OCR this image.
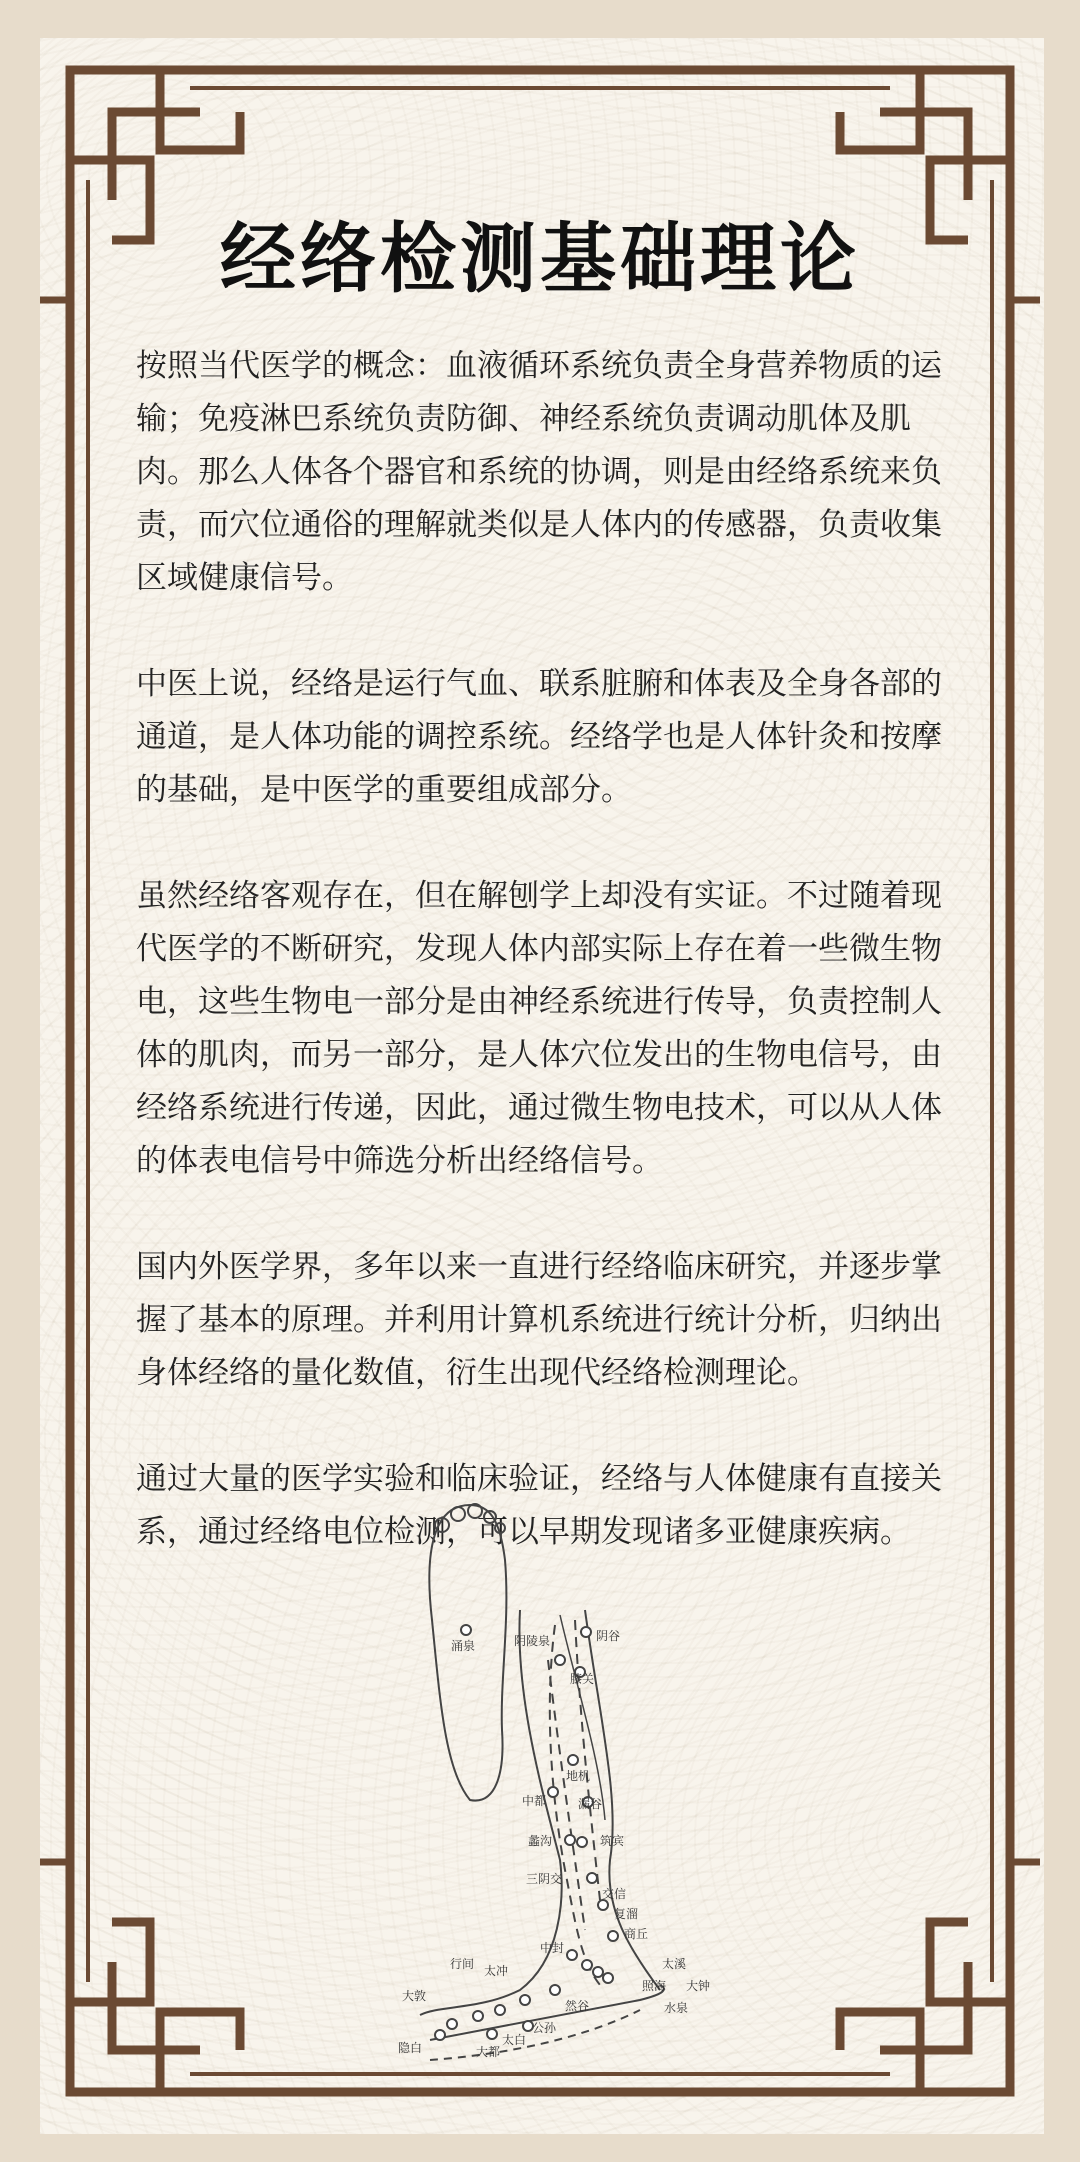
经络检测基础理论

按照当代医学的概念：血液循环系统负责全身营养物质的运输；免疫淋巴系统负责防御、神经系统负责调动肌体及肌肉。那么人体各个器官和系统的协调，则是由经络系统来负责，而穴位通俗的理解就类似是人体内的传感器，负责收集区域健康信号。

中医上说，经络是运行气血、联系脏腑和体表及全身各部的通道，是人体功能的调控系统。经络学也是人体针灸和按摩的基础，是中医学的重要组成部分。

虽然经络客观存在，但在解刨学上却没有实证。不过随着现代医学的不断研究，发现人体内部实际上存在着一些微生物电，这些生物电一部分是由神经系统进行传导，负责控制人体的肌肉，而另一部分，是人体穴位发出的生物电信号，由经络系统进行传递，因此，通过微生物电技术，可以从人体的体表电信号中筛选分析出经络信号。

国内外医学界，多年以来一直进行经络临床研究，并逐步掌握了基本的原理。并利用计算机系统进行统计分析，归纳出身体经络的量化数值，衍生出现代经络检测理论。

通过大量的医学实验和临床验证，经络与人体健康有直接关系，通过经络电位检测，可以早期发现诸多亚健康疾病。

阴陵泉	阴谷
膝关
涌泉
地机
中都	漏谷
蠡沟	筑宾
三阴交
交信
复溜
商丘
中封
太溪
照海 大钟
水泉
行间 太冲
大敦
然谷
公孙
隐白	大都
太白
